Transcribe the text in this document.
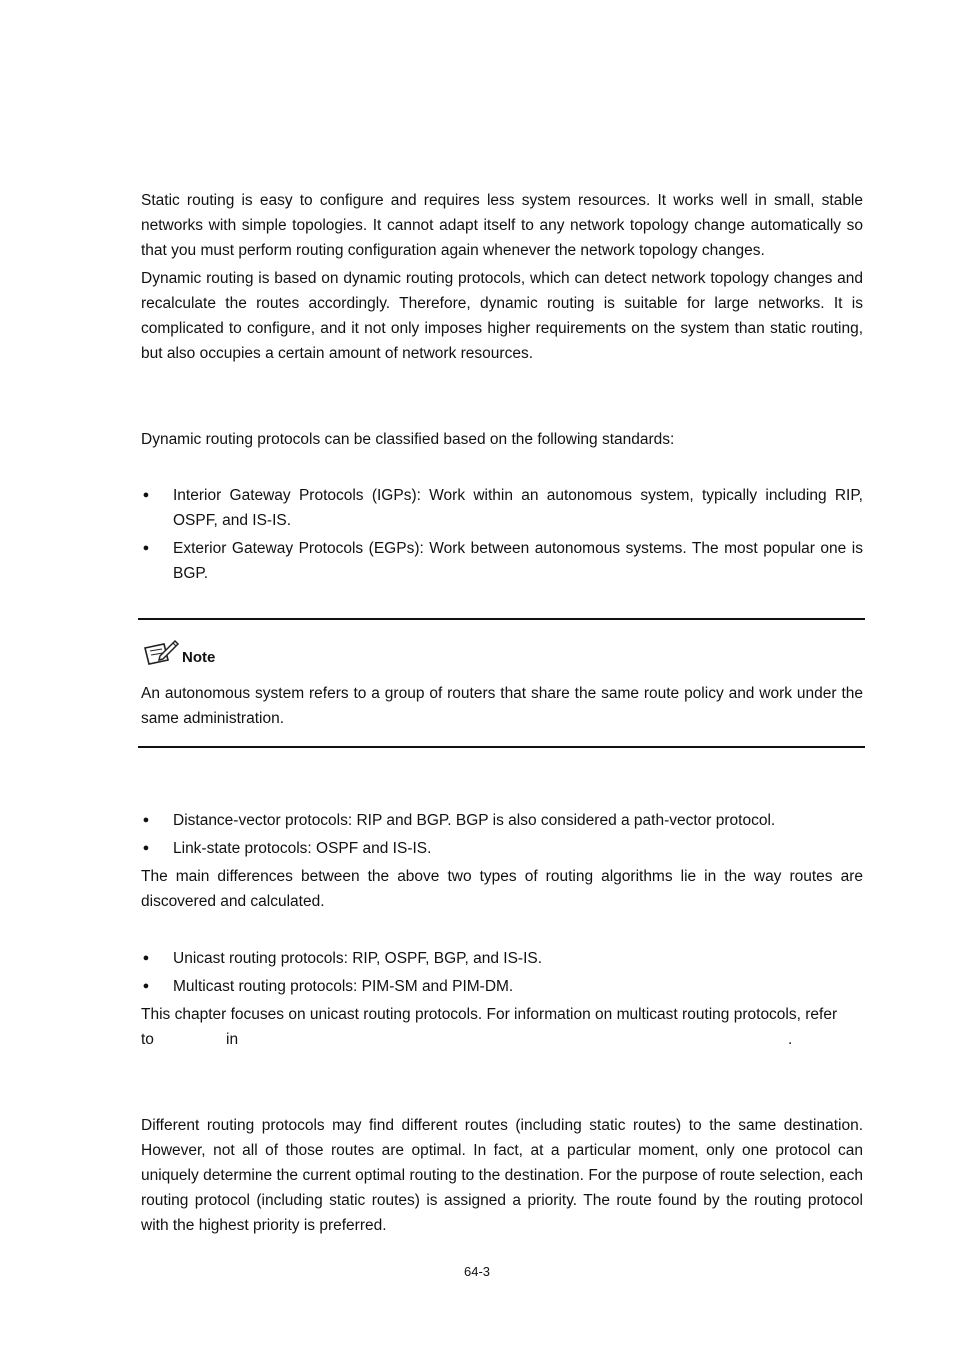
Static routing is easy to configure and requires less system resources. It works well in small, stable networks with simple topologies. It cannot adapt itself to any network topology change automatically so that you must perform routing configuration again whenever the network topology changes.

Dynamic routing is based on dynamic routing protocols, which can detect network topology changes and recalculate the routes accordingly. Therefore, dynamic routing is suitable for large networks. It is complicated to configure, and it not only imposes higher requirements on the system than static routing, but also occupies a certain amount of network resources.

Dynamic routing protocols can be classified based on the following standards:

● Interior Gateway Protocols (IGPs): Work within an autonomous system, typically including RIP, OSPF, and IS-IS.
● Exterior Gateway Protocols (EGPs): Work between autonomous systems. The most popular one is BGP.
Note

An autonomous system refers to a group of routers that share the same route policy and work under the same administration.

● Distance-vector protocols: RIP and BGP. BGP is also considered a path-vector protocol.
● Link-state protocols: OSPF and IS-IS.

The main differences between the above two types of routing algorithms lie in the way routes are discovered and calculated.

● Unicast routing protocols: RIP, OSPF, BGP, and IS-IS.
● Multicast routing protocols: PIM-SM and PIM-DM.

This chapter focuses on unicast routing protocols. For information on multicast routing protocols, refer

to	in	.

Different routing protocols may find different routes (including static routes) to the same destination. However, not all of those routes are optimal. In fact, at a particular moment, only one protocol can uniquely determine the current optimal routing to the destination. For the purpose of route selection, each routing protocol (including static routes) is assigned a priority. The route found by the routing protocol with the highest priority is preferred.

64-3
